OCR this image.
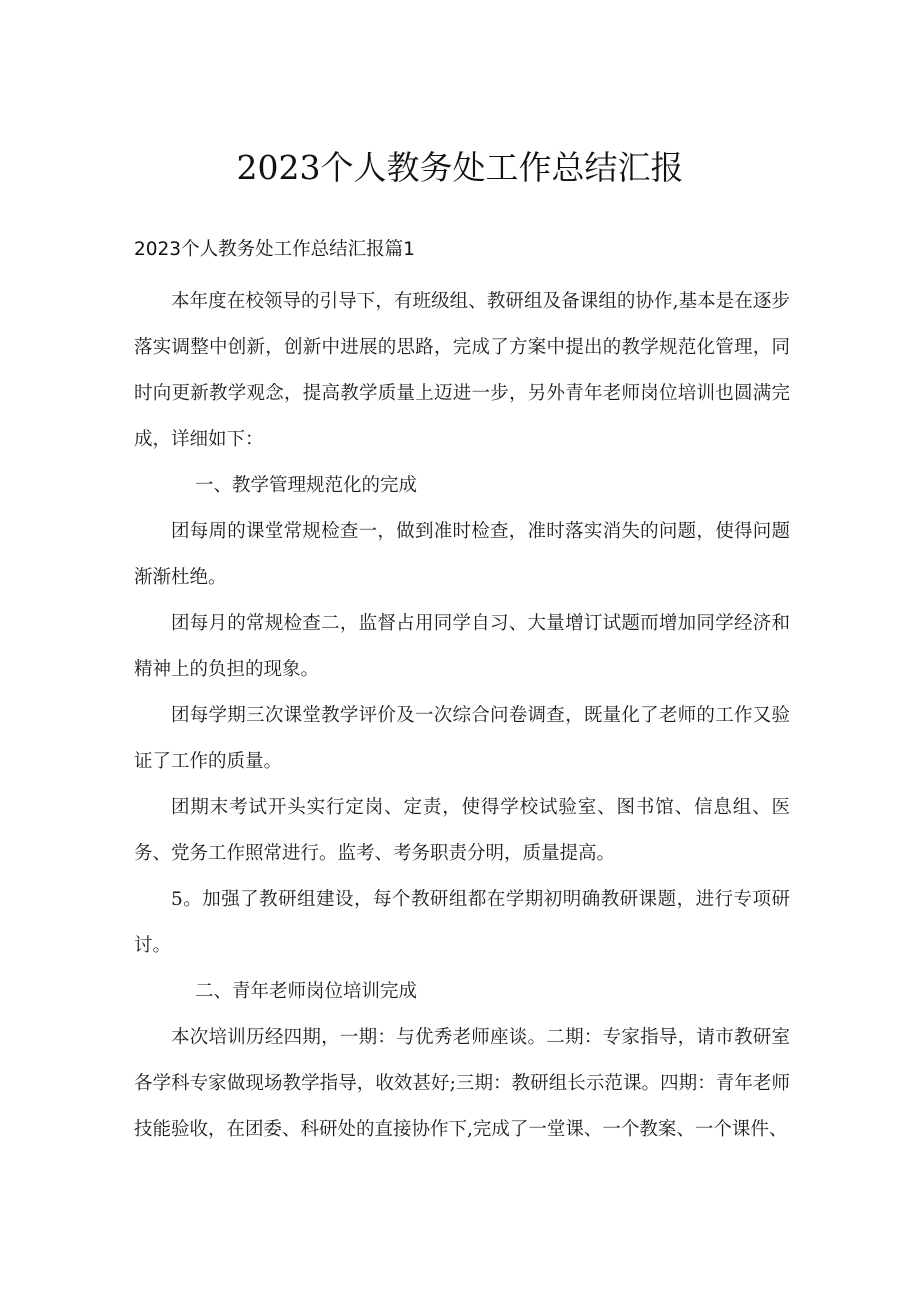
2023个人教务处工作总结汇报

2023个人教务处工作总结汇报篇1

本年度在校领导的引导下，有班级组、教研组及备课组的协作,基本是在逐步落实调整中创新，创新中进展的思路，完成了方案中提出的教学规范化管理，同时向更新教学观念，提高教学质量上迈进一步，另外青年老师岗位培训也圆满完成，详细如下：

一、教学管理规范化的完成

团每周的课堂常规检查一，做到准时检查，准时落实消失的问题，使得问题渐渐杜绝。

团每月的常规检查二，监督占用同学自习、大量增订试题而增加同学经济和精神上的负担的现象。

团每学期三次课堂教学评价及一次综合问卷调查，既量化了老师的工作又验证了工作的质量。

团期末考试开头实行定岗、定责，使得学校试验室、图书馆、信息组、医务、党务工作照常进行。监考、考务职责分明，质量提高。

5。加强了教研组建设，每个教研组都在学期初明确教研课题，进行专项研讨。

二、青年老师岗位培训完成

本次培训历经四期，一期：与优秀老师座谈。二期：专家指导，请市教研室各学科专家做现场教学指导，收效甚好;三期：教研组长示范课。四期：青年老师技能验收，在团委、科研处的直接协作下,完成了一堂课、一个教案、一个课件、
